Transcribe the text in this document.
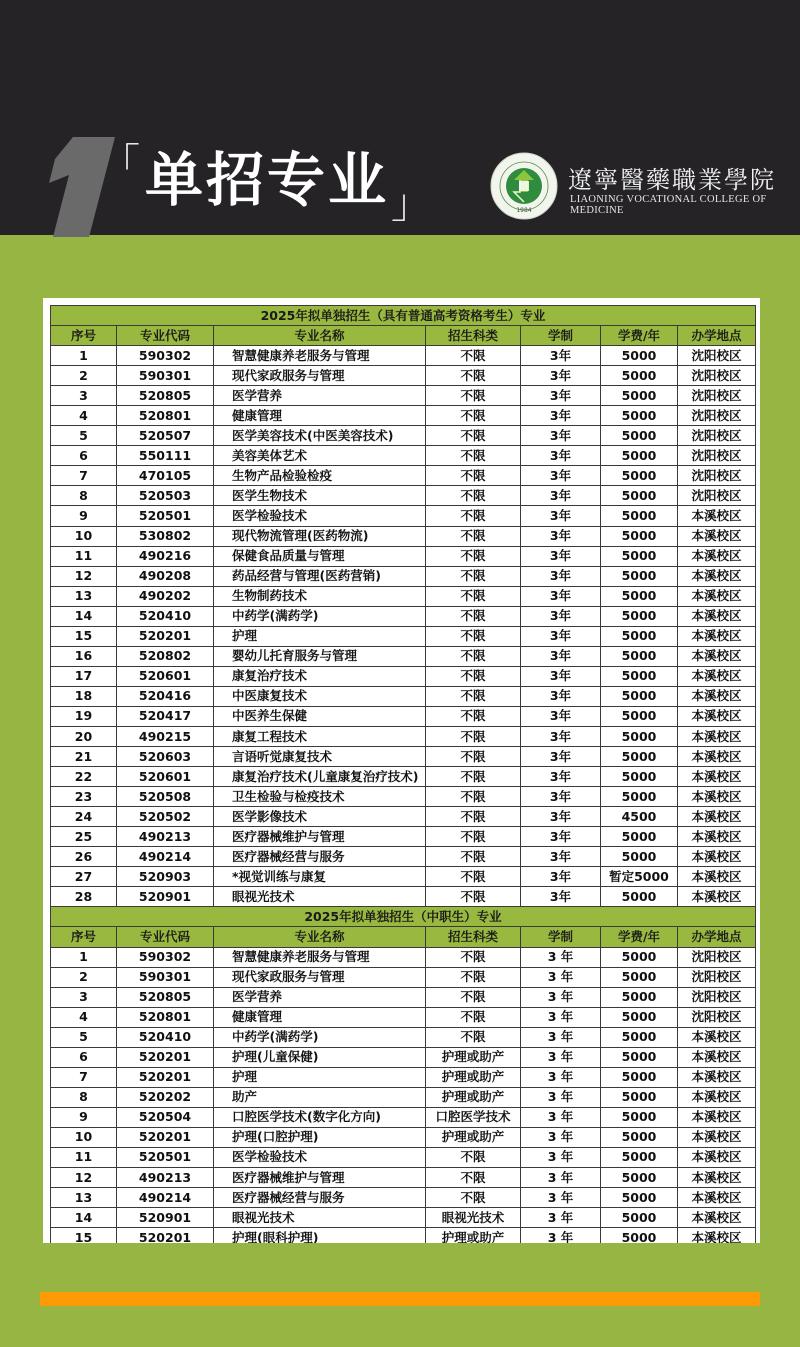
「 单招专业 」	1984
遼寧醫藥職業學院
LIAONING VOCATIONAL COLLEGE OF MEDICINE
2025年拟单独招生（具有普通高考资格考生）专业						
序号	专业代码	专业名称	招生科类	学制	学费/年	办学地点
1	590302	智慧健康养老服务与管理	不限	3年	5000	沈阳校区
2	590301	现代家政服务与管理	不限	3年	5000	沈阳校区
3	520805	医学营养	不限	3年	5000	沈阳校区
4	520801	健康管理	不限	3年	5000	沈阳校区
5	520507	医学美容技术(中医美容技术)	不限	3年	5000	沈阳校区
6	550111	美容美体艺术	不限	3年	5000	沈阳校区
7	470105	生物产品检验检疫	不限	3年	5000	沈阳校区
8	520503	医学生物技术	不限	3年	5000	沈阳校区
9	520501	医学检验技术	不限	3年	5000	本溪校区
10	530802	现代物流管理(医药物流)	不限	3年	5000	本溪校区
11	490216	保健食品质量与管理	不限	3年	5000	本溪校区
12	490208	药品经营与管理(医药营销)	不限	3年	5000	本溪校区
13	490202	生物制药技术	不限	3年	5000	本溪校区
14	520410	中药学(满药学)	不限	3年	5000	本溪校区
15	520201	护理	不限	3年	5000	本溪校区
16	520802	婴幼儿托育服务与管理	不限	3年	5000	本溪校区
17	520601	康复治疗技术	不限	3年	5000	本溪校区
18	520416	中医康复技术	不限	3年	5000	本溪校区
19	520417	中医养生保健	不限	3年	5000	本溪校区
20	490215	康复工程技术	不限	3年	5000	本溪校区
21	520603	言语听觉康复技术	不限	3年	5000	本溪校区
22	520601	康复治疗技术(儿童康复治疗技术)	不限	3年	5000	本溪校区
23	520508	卫生检验与检疫技术	不限	3年	5000	本溪校区
24	520502	医学影像技术	不限	3年	4500	本溪校区
25	490213	医疗器械维护与管理	不限	3年	5000	本溪校区
26	490214	医疗器械经营与服务	不限	3年	5000	本溪校区
27	520903	*视觉训练与康复	不限	3年	暂定5000	本溪校区
28	520901	眼视光技术	不限	3年	5000	本溪校区
2025年拟单独招生（中职生）专业						
序号	专业代码	专业名称	招生科类	学制	学费/年	办学地点
1	590302	智慧健康养老服务与管理	不限	3 年	5000	沈阳校区
2	590301	现代家政服务与管理	不限	3 年	5000	沈阳校区
3	520805	医学营养	不限	3 年	5000	沈阳校区
4	520801	健康管理	不限	3 年	5000	沈阳校区
5	520410	中药学(满药学)	不限	3 年	5000	本溪校区
6	520201	护理(儿童保健)	护理或助产	3 年	5000	本溪校区
7	520201	护理	护理或助产	3 年	5000	本溪校区
8	520202	助产	护理或助产	3 年	5000	本溪校区
9	520504	口腔医学技术(数字化方向)	口腔医学技术	3 年	5000	本溪校区
10	520201	护理(口腔护理)	护理或助产	3 年	5000	本溪校区
11	520501	医学检验技术	不限	3 年	5000	本溪校区
12	490213	医疗器械维护与管理	不限	3 年	5000	本溪校区
13	490214	医疗器械经营与服务	不限	3 年	5000	本溪校区
14	520901	眼视光技术	眼视光技术	3 年	5000	本溪校区
15	520201	护理(眼科护理)	护理或助产	3 年	5000	本溪校区
